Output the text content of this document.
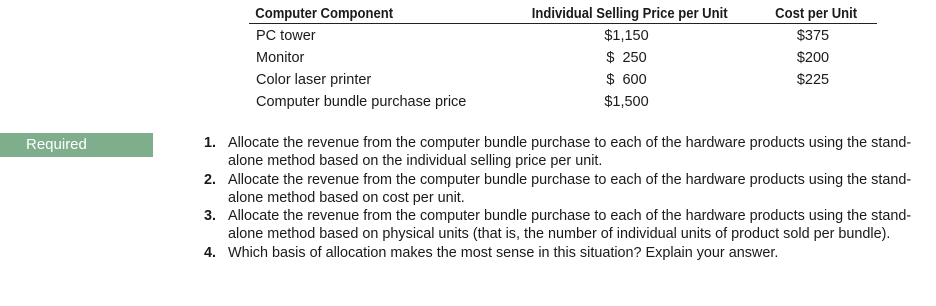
Computer Component	Individual Selling Price per Unit	Cost per Unit
PC tower	$1,150	$375
Monitor	$  250	$200
Color laser printer	$  600	$225
Computer bundle purchase price	$1,500	
Required	1. Allocate the revenue from the computer bundle purchase to each of the hardware products using the stand-alone method based on the individual selling price per unit.
2. Allocate the revenue from the computer bundle purchase to each of the hardware products using the stand-alone method based on cost per unit.
3. Allocate the revenue from the computer bundle purchase to each of the hardware products using the stand-alone method based on physical units (that is, the number of individual units of product sold per bundle).
4. Which basis of allocation makes the most sense in this situation? Explain your answer.
